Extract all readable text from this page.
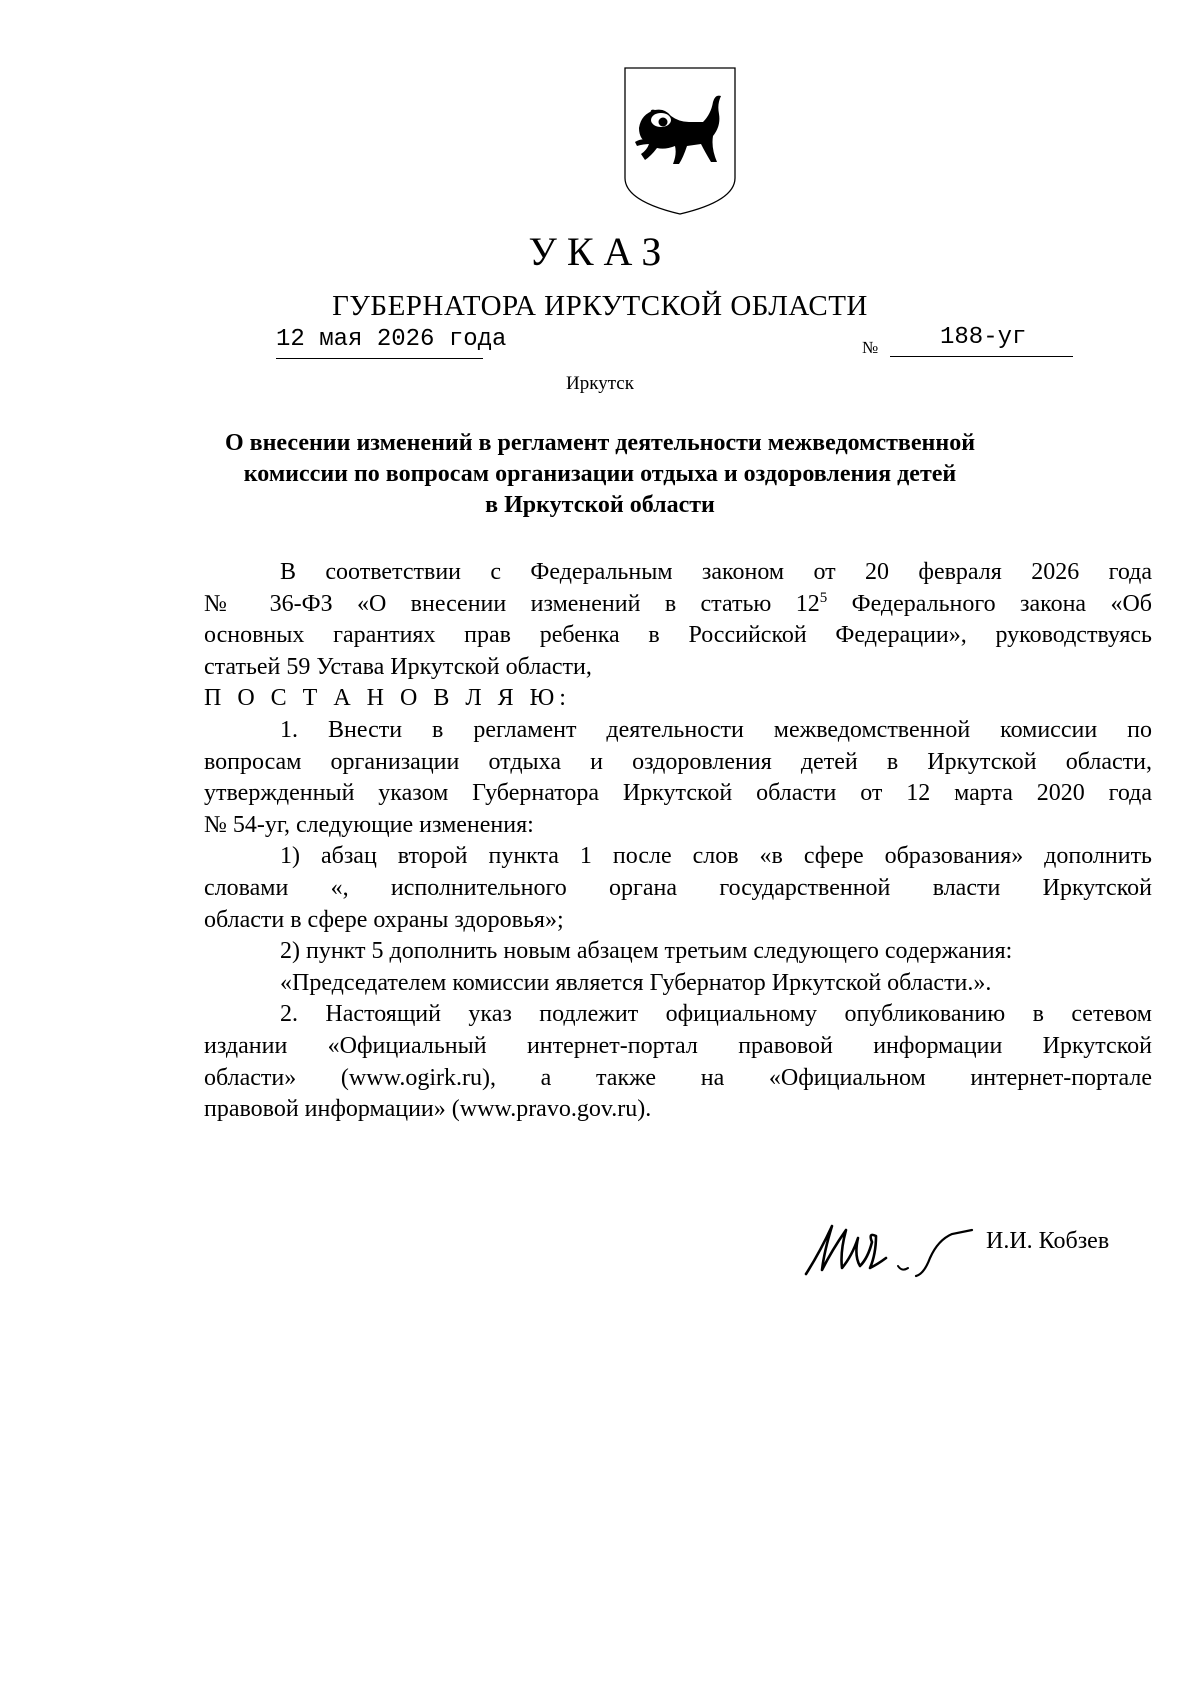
УКАЗ
ГУБЕРНАТОРА ИРКУТСКОЙ ОБЛАСТИ
12 мая 2026 года	№	188-уг
Иркутск
О внесении изменений в регламент деятельности межведомственной
комиссии по вопросам организации отдыха и оздоровления детей
в Иркутской области

В соответствии с Федеральным законом от 20 февраля 2026 года
№ 36-ФЗ «О внесении изменений в статью $12^5$ Федерального закона «Об
основных гарантиях прав ребенка в Российской Федерации», руководствуясь
статьей 59 Устава Иркутской области,

П О С Т А Н О В Л Я Ю:

1. Внести в регламент деятельности межведомственной комиссии по
вопросам организации отдыха и оздоровления детей в Иркутской области,
утвержденный указом Губернатора Иркутской области от 12 марта 2020 года
№ 54-уг, следующие изменения:

1) абзац второй пункта 1 после слов «в сфере образования» дополнить
словами «, исполнительного органа государственной власти Иркутской
области в сфере охраны здоровья»;

2) пункт 5 дополнить новым абзацем третьим следующего содержания:

«Председателем комиссии является Губернатор Иркутской области.».

2. Настоящий указ подлежит официальному опубликованию в сетевом
издании «Официальный интернет-портал правовой информации Иркутской
области» (www.ogirk.ru), а также на «Официальном интернет-портале
правовой информации» (www.pravo.gov.ru).

И.И. Кобзев
